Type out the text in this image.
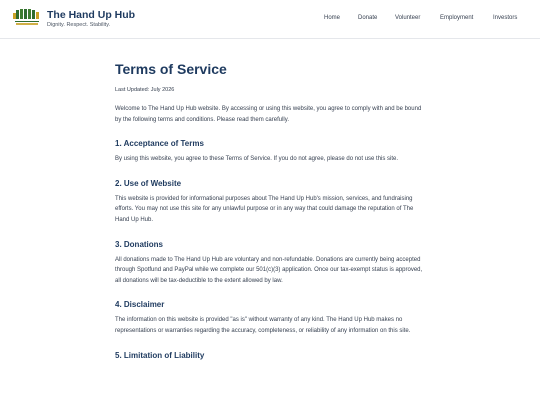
The Hand Up Hub
Dignity. Respect. Stability.
Home	Donate	Volunteer	Employment	Investors
Terms of Service
Last Updated: July 2026

Welcome to The Hand Up Hub website. By accessing or using this website, you agree to comply with and be bound by the following terms and conditions. Please read them carefully.

1. Acceptance of Terms

By using this website, you agree to these Terms of Service. If you do not agree, please do not use this site.

2. Use of Website

This website is provided for informational purposes about The Hand Up Hub's mission, services, and fundraising efforts. You may not use this site for any unlawful purpose or in any way that could damage the reputation of The Hand Up Hub.

3. Donations

All donations made to The Hand Up Hub are voluntary and non-refundable. Donations are currently being accepted through Spotfund and PayPal while we complete our 501(c)(3) application. Once our tax-exempt status is approved, all donations will be tax-deductible to the extent allowed by law.

4. Disclaimer

The information on this website is provided "as is" without warranty of any kind. The Hand Up Hub makes no representations or warranties regarding the accuracy, completeness, or reliability of any information on this site.

5. Limitation of Liability
